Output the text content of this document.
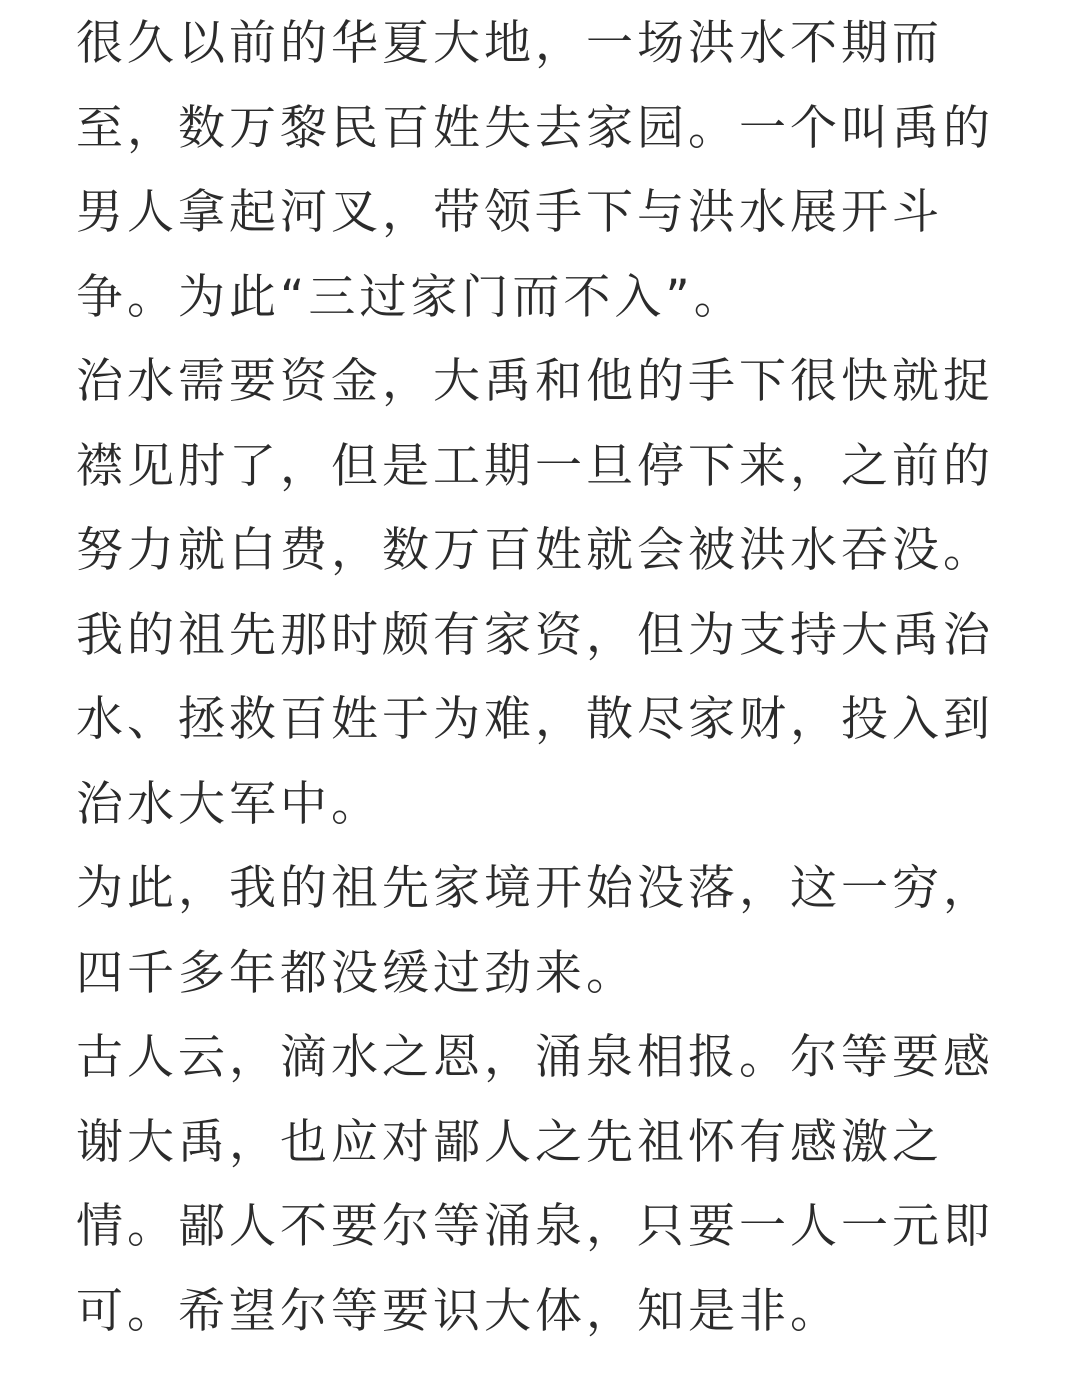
很久以前的华夏大地，一场洪水不期而
至，数万黎民百姓失去家园。一个叫禹的
男人拿起河叉，带领手下与洪水展开斗
争。为此“三过家门而不入”。
治水需要资金，大禹和他的手下很快就捉
襟见肘了，但是工期一旦停下来，之前的
努力就白费，数万百姓就会被洪水吞没。
我的祖先那时颇有家资，但为支持大禹治
水、拯救百姓于为难，散尽家财，投入到
治水大军中。
为此，我的祖先家境开始没落，这一穷，
四千多年都没缓过劲来。
古人云，滴水之恩，涌泉相报。尔等要感
谢大禹，也应对鄙人之先祖怀有感激之
情。鄙人不要尔等涌泉，只要一人一元即
可。希望尔等要识大体，知是非。
